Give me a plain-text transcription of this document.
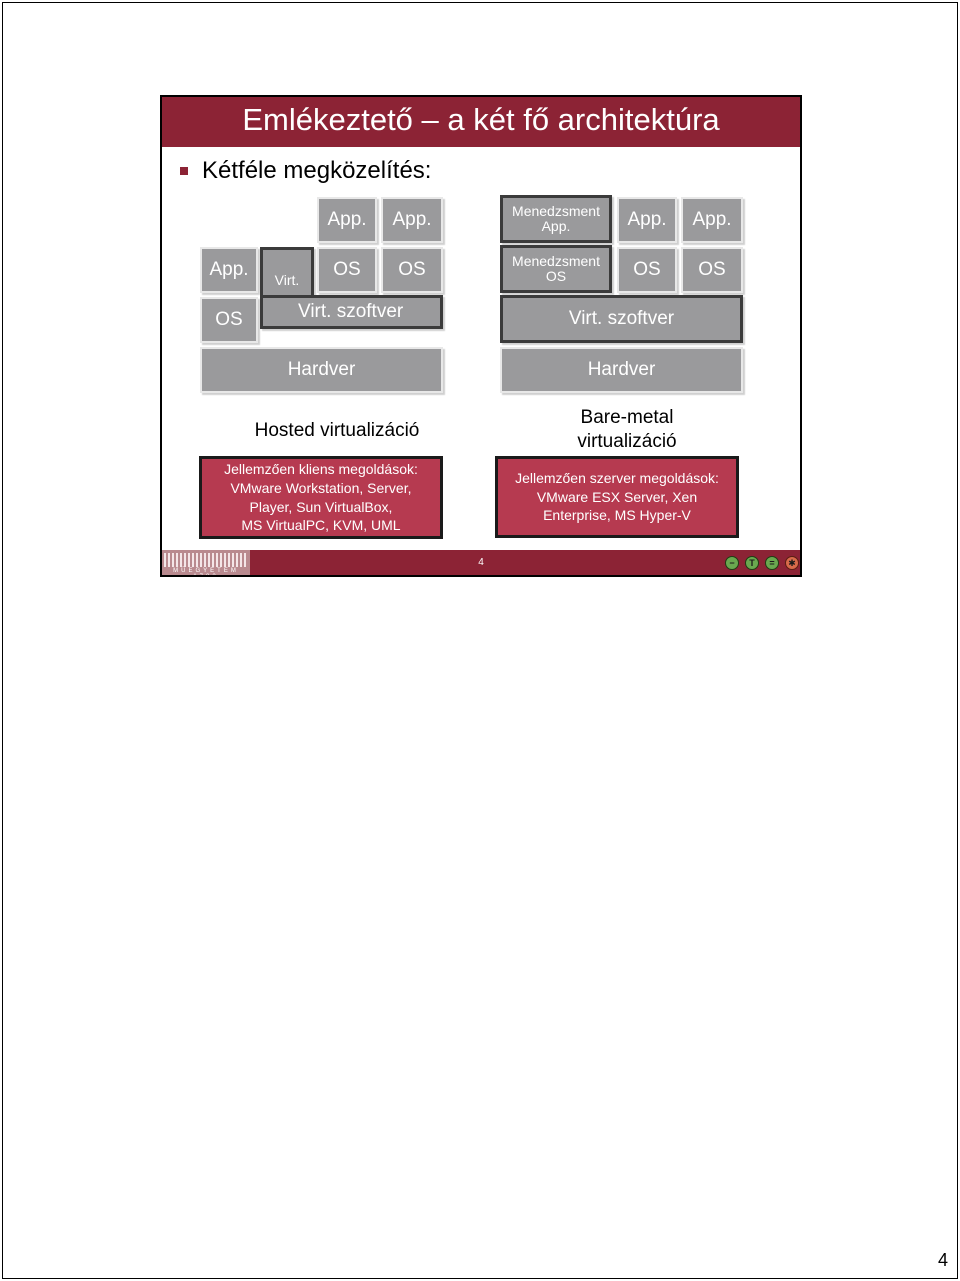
Emlékeztető – a két fő architektúra
Kétféle megközelítés:
App.	App.
App.
Virt.
OS	OS
OS	Virt. szoftver
Hardver
Hosted virtualizáció
Jellemzően kliens megoldások:
VMware Workstation, Server,
Player, Sun VirtualBox,
MS VirtualPC, KVM, UML
Menedzsment App.	App.	App.
Menedzsment OS	OS	OS
Virt. szoftver
Hardver
Bare-metal
virtualizáció
Jellemzően szerver megoldások:
VMware ESX Server, Xen
Enterprise, MS Hyper-V
MŰEGYETEM 1782
4	− T = ✱
4
